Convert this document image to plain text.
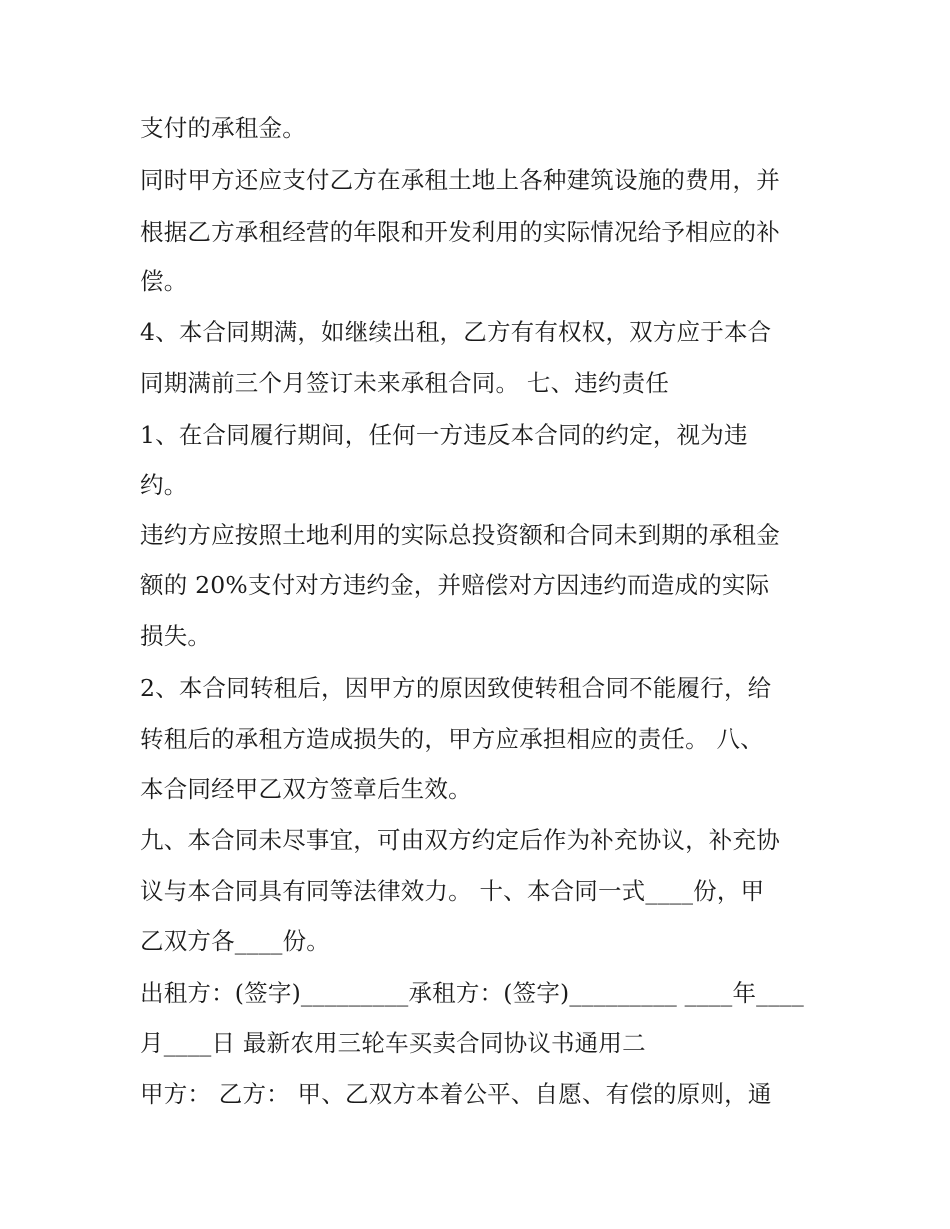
支付的承租金。
同时甲方还应支付乙方在承租土地上各种建筑设施的费用，并
根据乙方承租经营的年限和开发利用的实际情况给予相应的补
偿。
4、本合同期满，如继续出租，乙方有有权权，双方应于本合
同期满前三个月签订未来承租合同。 七、违约责任
1、在合同履行期间，任何一方违反本合同的约定，视为违
约。
违约方应按照土地利用的实际总投资额和合同未到期的承租金
额的 20%支付对方违约金，并赔偿对方因违约而造成的实际
损失。
2、本合同转租后，因甲方的原因致使转租合同不能履行，给
转租后的承租方造成损失的，甲方应承担相应的责任。 八、
本合同经甲乙双方签章后生效。
九、本合同未尽事宜，可由双方约定后作为补充协议，补充协
议与本合同具有同等法律效力。 十、本合同一式____份，甲
乙双方各____份。
出租方：(签字)_________承租方：(签字)_________ ____年____
月____日 最新农用三轮车买卖合同协议书通用二
甲方： 乙方： 甲、乙双方本着公平、自愿、有偿的原则，通
